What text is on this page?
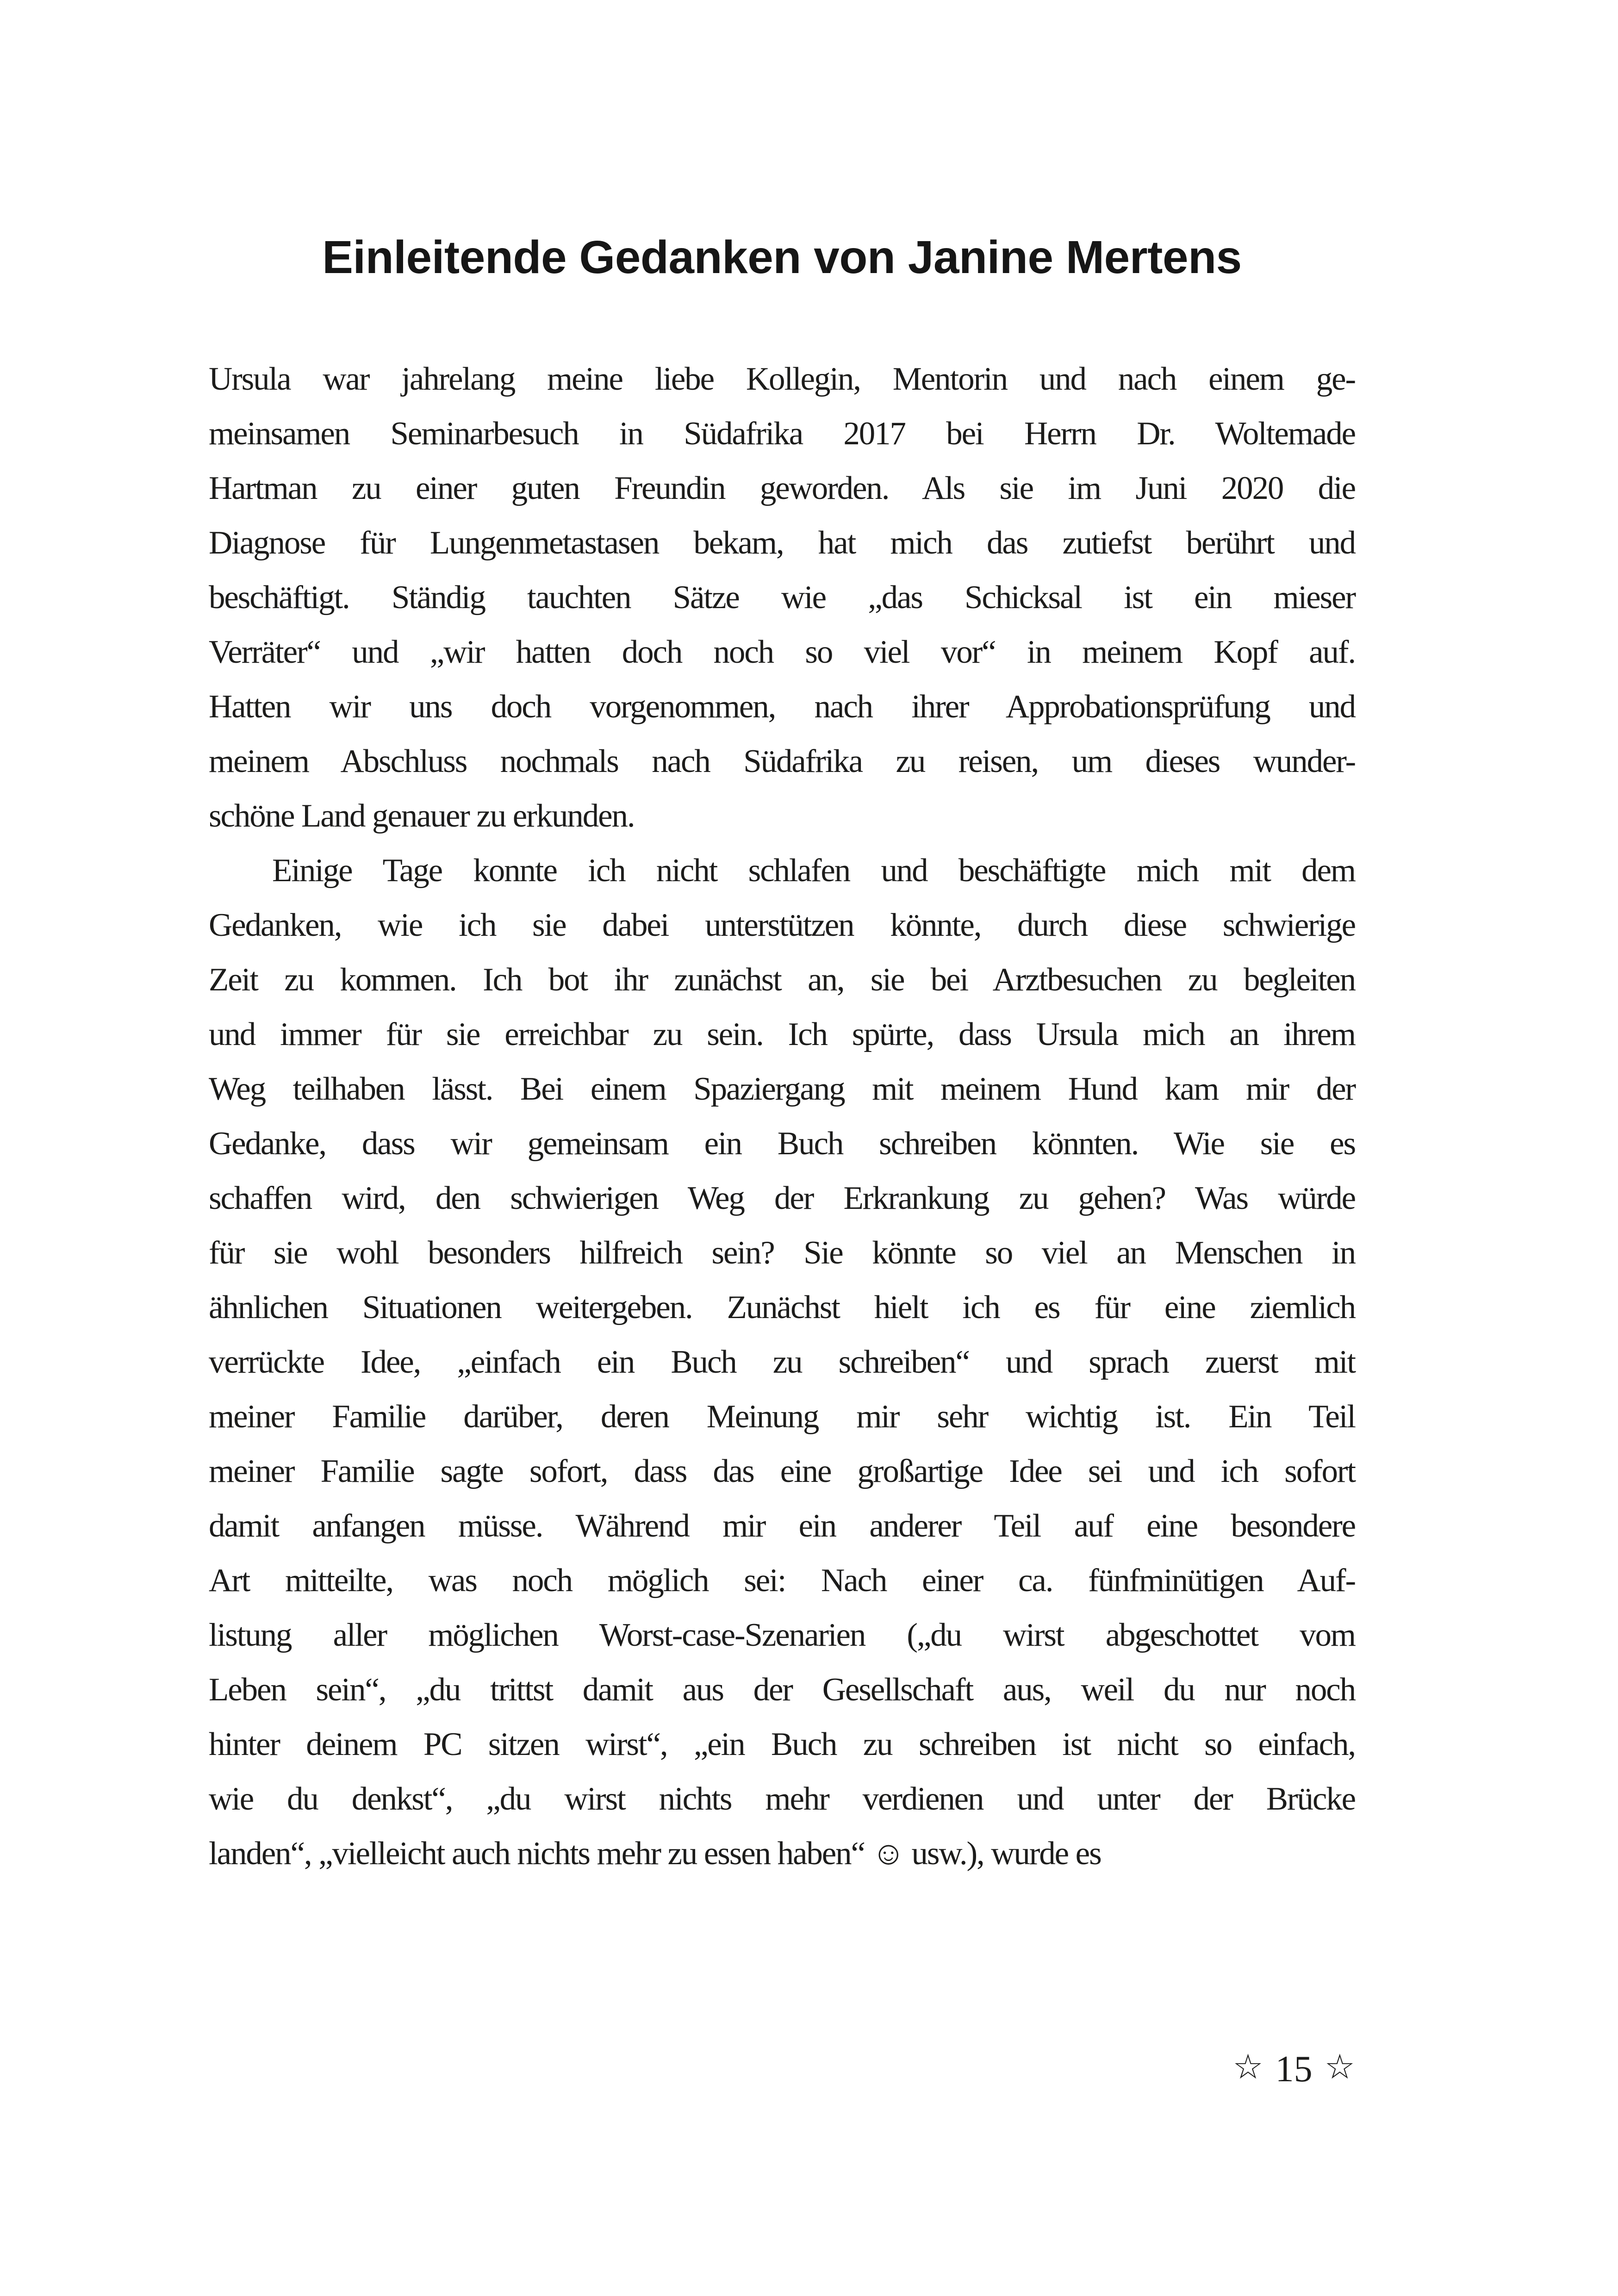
Einleitende Gedanken von Janine Mertens

Ursula war jahrelang meine liebe Kollegin, Mentorin und nach einem ge-
meinsamen Seminarbesuch in Südafrika 2017 bei Herrn Dr. Woltemade
Hartman zu einer guten Freundin geworden. Als sie im Juni 2020 die
Diagnose für Lungenmetastasen bekam, hat mich das zutiefst berührt und
beschäftigt. Ständig tauchten Sätze wie „das Schicksal ist ein mieser
Verräter“ und „wir hatten doch noch so viel vor“ in meinem Kopf auf.
Hatten wir uns doch vorgenommen, nach ihrer Approbationsprüfung und
meinem Abschluss nochmals nach Südafrika zu reisen, um dieses wunder-
schöne Land genauer zu erkunden.

Einige Tage konnte ich nicht schlafen und beschäftigte mich mit dem
Gedanken, wie ich sie dabei unterstützen könnte, durch diese schwierige
Zeit zu kommen. Ich bot ihr zunächst an, sie bei Arztbesuchen zu begleiten
und immer für sie erreichbar zu sein. Ich spürte, dass Ursula mich an ihrem
Weg teilhaben lässt. Bei einem Spaziergang mit meinem Hund kam mir der
Gedanke, dass wir gemeinsam ein Buch schreiben könnten. Wie sie es
schaffen wird, den schwierigen Weg der Erkrankung zu gehen? Was würde
für sie wohl besonders hilfreich sein? Sie könnte so viel an Menschen in
ähnlichen Situationen weitergeben. Zunächst hielt ich es für eine ziemlich
verrückte Idee, „einfach ein Buch zu schreiben“ und sprach zuerst mit
meiner Familie darüber, deren Meinung mir sehr wichtig ist. Ein Teil
meiner Familie sagte sofort, dass das eine großartige Idee sei und ich sofort
damit anfangen müsse. Während mir ein anderer Teil auf eine besondere
Art mitteilte, was noch möglich sei: Nach einer ca. fünfminütigen Auf-
listung aller möglichen Worst-case-Szenarien („du wirst abgeschottet vom
Leben sein“, „du trittst damit aus der Gesellschaft aus, weil du nur noch
hinter deinem PC sitzen wirst“, „ein Buch zu schreiben ist nicht so einfach,
wie du denkst“, „du wirst nichts mehr verdienen und unter der Brücke
landen“, „vielleicht auch nichts mehr zu essen haben“ ☺ usw.), wurde es

☆ 15 ☆
